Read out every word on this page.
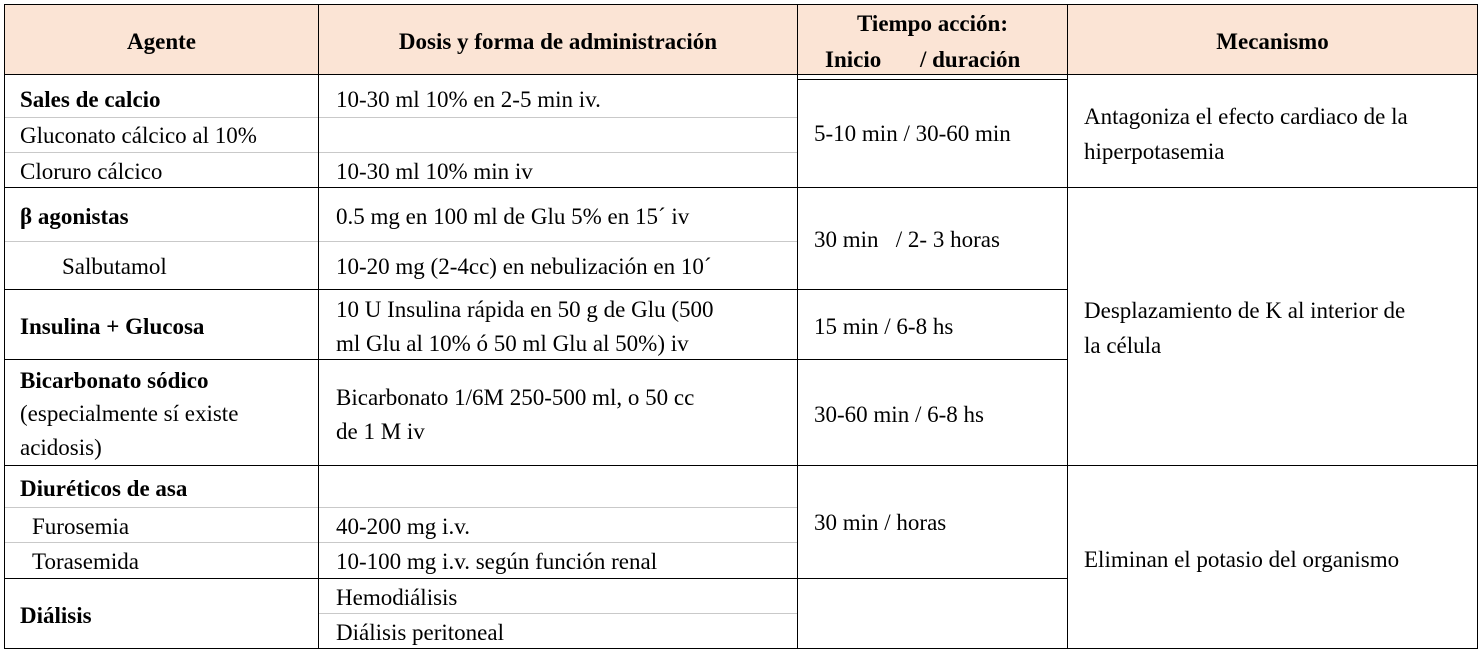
Agente	Dosis y forma de administración
Tiempo acción:
Inicio / duración
Mecanismo
Sales de calcio
Gluconato cálcico al 10%
Cloruro cálcico
10-30 ml 10% en 2-5 min iv.
10-30 ml 10% min iv
5-10 min / 30-60 min
β agonistas
Salbutamol
0.5 mg en 100 ml de Glu 5% en 15´ iv
10-20 mg (2-4cc) en nebulización en 10´
30 min   / 2- 3 horas
Insulina + Glucosa
10 U Insulina rápida en 50 g de Glu (500
ml Glu al 10% ó 50 ml Glu al 50%) iv
15 min / 6-8 hs
Bicarbonato sódico
(especialmente sí existe
acidosis)
Bicarbonato 1/6M 250-500 ml, o 50 cc
de 1 M iv
30-60 min / 6-8 hs
Diuréticos de asa
Furosemia
Torasemida
40-200 mg i.v.
10-100 mg i.v. según función renal
30 min / horas
Diálisis
Hemodiálisis
Diálisis peritoneal
Antagoniza el efecto cardiaco de la
hiperpotasemia
Desplazamiento de K al interior de
la célula
Eliminan el potasio del organismo
